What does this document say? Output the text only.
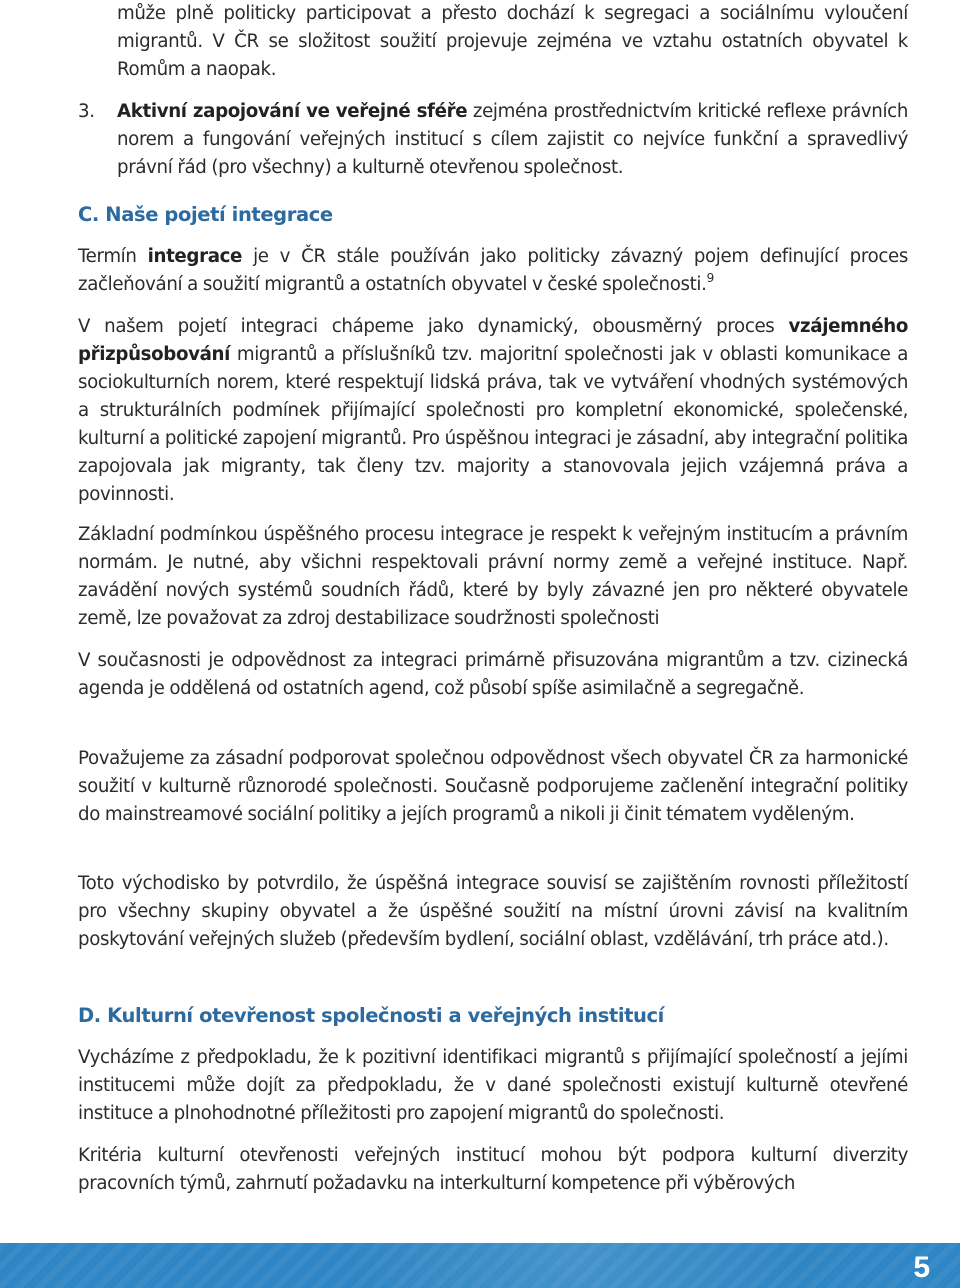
může plně politicky participovat a přesto dochází k segregaci a sociálnímu vyloučení migrantů. V ČR se složitost soužití projevuje zejména ve vztahu ostatních obyvatel k Romům a naopak.

3. Aktivní zapojování ve veřejné sféře zejména prostřednictvím kritické reflexe právních norem a fungování veřejných institucí s cílem zajistit co nejvíce funkční a spravedlivý právní řád (pro všechny) a kulturně otevřenou společnost.

C. Naše pojetí integrace

Termín integrace je v ČR stále používán jako politicky závazný pojem definující proces začleňování a soužití migrantů a ostatních obyvatel v české společnosti.$^9$

V našem pojetí integraci chápeme jako dynamický, obousměrný proces vzájemného přizpůsobování migrantů a příslušníků tzv. majoritní společnosti jak v oblasti komunikace a sociokulturních norem, které respektují lidská práva, tak ve vytváření vhodných systémových a strukturálních podmínek přijímající společnosti pro kompletní ekonomické, společenské, kulturní a politické zapojení migrantů. Pro úspěšnou integraci je zásadní, aby integrační politika zapojovala jak migranty, tak členy tzv. majority a stanovovala jejich vzájemná práva a povinnosti.

Základní podmínkou úspěšného procesu integrace je respekt k veřejným institucím a právním normám. Je nutné, aby všichni respektovali právní normy země a veřejné instituce. Např. zavádění nových systémů soudních řádů, které by byly závazné jen pro některé obyvatele země, lze považovat za zdroj destabilizace soudržnosti společnosti

V současnosti je odpovědnost za integraci primárně přisuzována migrantům a tzv. cizinecká agenda je oddělená od ostatních agend, což působí spíše asimilačně a segregačně.

Považujeme za zásadní podporovat společnou odpovědnost všech obyvatel ČR za harmonické soužití v kulturně různorodé společnosti. Současně podporujeme začlenění integrační politiky do mainstreamové sociální politiky a jejích programů a nikoli ji činit tématem vyděleným.

Toto východisko by potvrdilo, že úspěšná integrace souvisí se zajištěním rovnosti příležitostí pro všechny skupiny obyvatel a že úspěšné soužití na místní úrovni závisí na kvalitním poskytování veřejných služeb (především bydlení, sociální oblast, vzdělávání, trh práce atd.).

D. Kulturní otevřenost společnosti a veřejných institucí

Vycházíme z předpokladu, že k pozitivní identifikaci migrantů s přijímající společností a jejími institucemi může dojít za předpokladu, že v dané společnosti existují kulturně otevřené instituce a plnohodnotné příležitosti pro zapojení migrantů do společnosti.

Kritéria kulturní otevřenosti veřejných institucí mohou být podpora kulturní diverzity pracovních týmů, zahrnutí požadavku na interkulturní kompetence při výběrových

5
